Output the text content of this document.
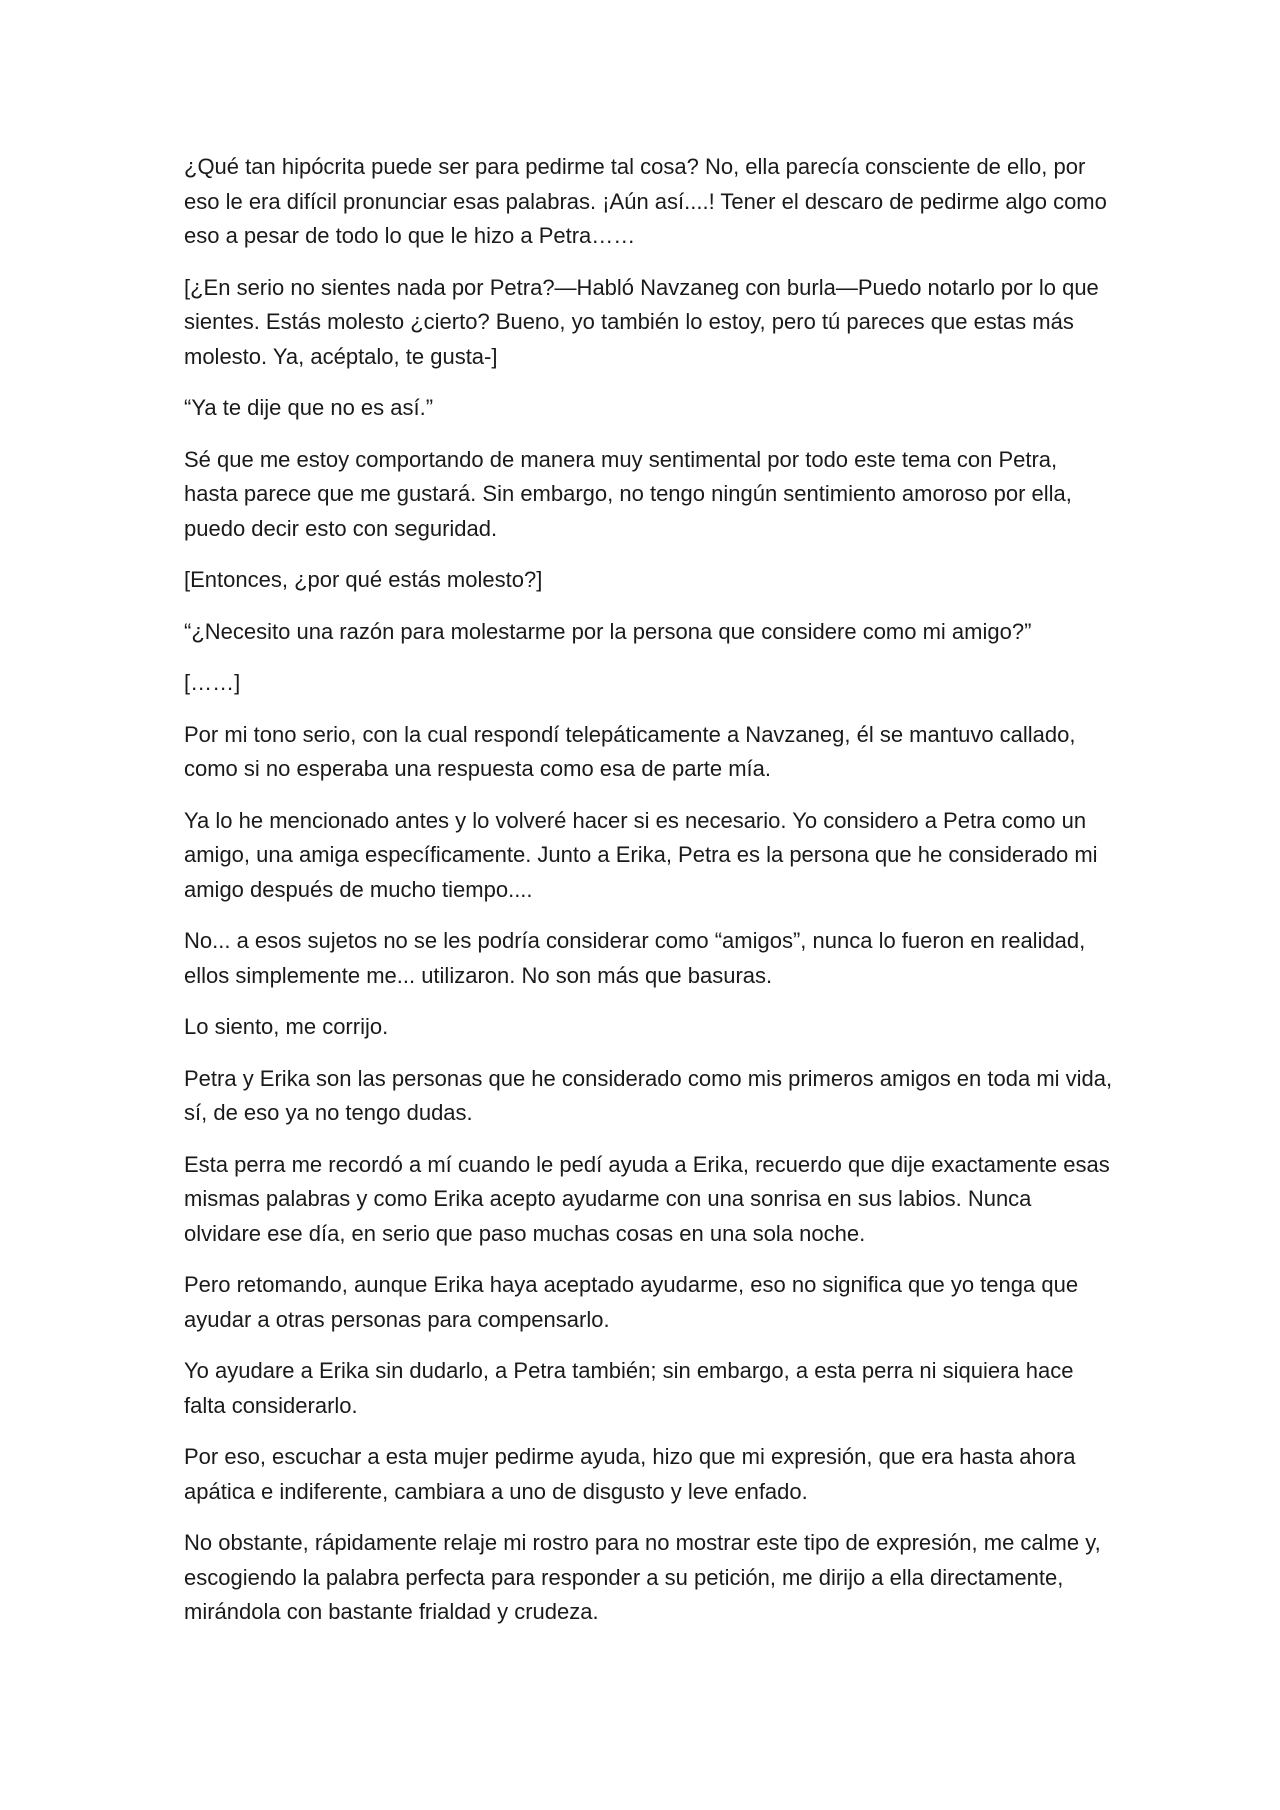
¿Qué tan hipócrita puede ser para pedirme tal cosa? No, ella parecía consciente de ello, por eso le era difícil pronunciar esas palabras. ¡Aún así....! Tener el descaro de pedirme algo como eso a pesar de todo lo que le hizo a Petra……

[¿En serio no sientes nada por Petra?—Habló Navzaneg con burla—Puedo notarlo por lo que sientes. Estás molesto ¿cierto? Bueno, yo también lo estoy, pero tú pareces que estas más molesto. Ya, acéptalo, te gusta-]

“Ya te dije que no es así.”

Sé que me estoy comportando de manera muy sentimental por todo este tema con Petra, hasta parece que me gustará. Sin embargo, no tengo ningún sentimiento amoroso por ella, puedo decir esto con seguridad.

[Entonces, ¿por qué estás molesto?]

“¿Necesito una razón para molestarme por la persona que considere como mi amigo?”

[……]

Por mi tono serio, con la cual respondí telepáticamente a Navzaneg, él se mantuvo callado, como si no esperaba una respuesta como esa de parte mía.

Ya lo he mencionado antes y lo volveré hacer si es necesario. Yo considero a Petra como un amigo, una amiga específicamente. Junto a Erika, Petra es la persona que he considerado mi amigo después de mucho tiempo....

No... a esos sujetos no se les podría considerar como “amigos”, nunca lo fueron en realidad, ellos simplemente me... utilizaron. No son más que basuras.

Lo siento, me corrijo.

Petra y Erika son las personas que he considerado como mis primeros amigos en toda mi vida, sí, de eso ya no tengo dudas.

Esta perra me recordó a mí cuando le pedí ayuda a Erika, recuerdo que dije exactamente esas mismas palabras y como Erika acepto ayudarme con una sonrisa en sus labios. Nunca olvidare ese día, en serio que paso muchas cosas en una sola noche.

Pero retomando, aunque Erika haya aceptado ayudarme, eso no significa que yo tenga que ayudar a otras personas para compensarlo.

Yo ayudare a Erika sin dudarlo, a Petra también; sin embargo, a esta perra ni siquiera hace falta considerarlo.

Por eso, escuchar a esta mujer pedirme ayuda, hizo que mi expresión, que era hasta ahora apática e indiferente, cambiara a uno de disgusto y leve enfado.

No obstante, rápidamente relaje mi rostro para no mostrar este tipo de expresión, me calme y, escogiendo la palabra perfecta para responder a su petición, me dirijo a ella directamente, mirándola con bastante frialdad y crudeza.
